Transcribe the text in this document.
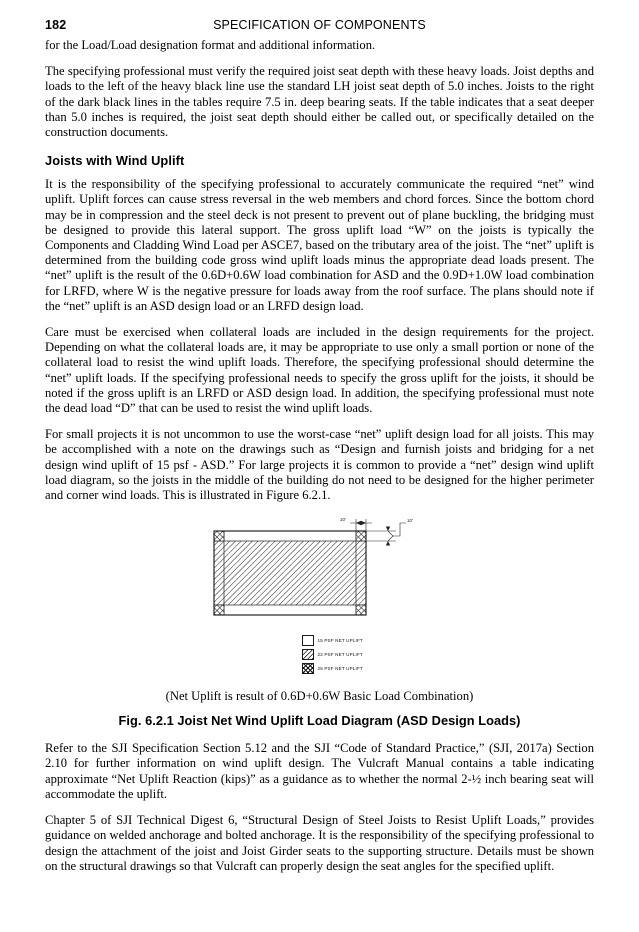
182	SPECIFICATION OF COMPONENTS

for the Load/Load designation format and additional information.

The specifying professional must verify the required joist seat depth with these heavy loads. Joist depths and loads to the left of the heavy black line use the standard LH joist seat depth of 5.0 inches. Joists to the right of the dark black lines in the tables require 7.5 in. deep bearing seats. If the table indicates that a seat deeper than 5.0 inches is required, the joist seat depth should either be called out, or specifically detailed on the construction documents.

Joists with Wind Uplift

It is the responsibility of the specifying professional to accurately communicate the required “net” wind uplift. Uplift forces can cause stress reversal in the web members and chord forces. Since the bottom chord may be in compression and the steel deck is not present to prevent out of plane buckling, the bridging must be designed to provide this lateral support. The gross uplift load “W” on the joists is typically the Components and Cladding Wind Load per ASCE7, based on the tributary area of the joist. The “net” uplift is determined from the building code gross wind uplift loads minus the appropriate dead loads present. The “net” uplift is the result of the 0.6D+0.6W load combination for ASD and the 0.9D+1.0W load combination for LRFD, where W is the negative pressure for loads away from the roof surface. The plans should note if the “net” uplift is an ASD design load or an LRFD design load.

Care must be exercised when collateral loads are included in the design requirements for the project. Depending on what the collateral loads are, it may be appropriate to use only a small portion or none of the collateral load to resist the wind uplift loads. Therefore, the specifying professional should determine the “net” uplift loads. If the specifying professional needs to specify the gross uplift for the joists, it should be noted if the gross uplift is an LRFD or ASD design load. In addition, the specifying professional must note the dead load “D” that can be used to resist the wind uplift loads.

For small projects it is not uncommon to use the worst-case “net” uplift design load for all joists. This may be accomplished with a note on the drawings such as “Design and furnish joists and bridging for a net design wind uplift of 15 psf - ASD.” For large projects it is common to provide a “net” design wind uplift load diagram, so the joists in the middle of the building do not need to be designed for the higher perimeter and corner wind loads. This is illustrated in Figure 6.2.1.

10'	10'
15 PSF NET UPLIFT
22 PSF NET UPLIFT
25 PSF NET UPLIFT
(Net Uplift is result of 0.6D+0.6W Basic Load Combination)
Fig. 6.2.1 Joist Net Wind Uplift Load Diagram (ASD Design Loads)

Refer to the SJI Specification Section 5.12 and the SJI “Code of Standard Practice,” (SJI, 2017a) Section 2.10 for further information on wind uplift design. The Vulcraft Manual contains a table indicating approximate “Net Uplift Reaction (kips)” as a guidance as to whether the normal 2-½ inch bearing seat will accommodate the uplift.

Chapter 5 of SJI Technical Digest 6, “Structural Design of Steel Joists to Resist Uplift Loads,” provides guidance on welded anchorage and bolted anchorage. It is the responsibility of the specifying professional to design the attachment of the joist and Joist Girder seats to the supporting structure. Details must be shown on the structural drawings so that Vulcraft can properly design the seat angles for the specified uplift.
